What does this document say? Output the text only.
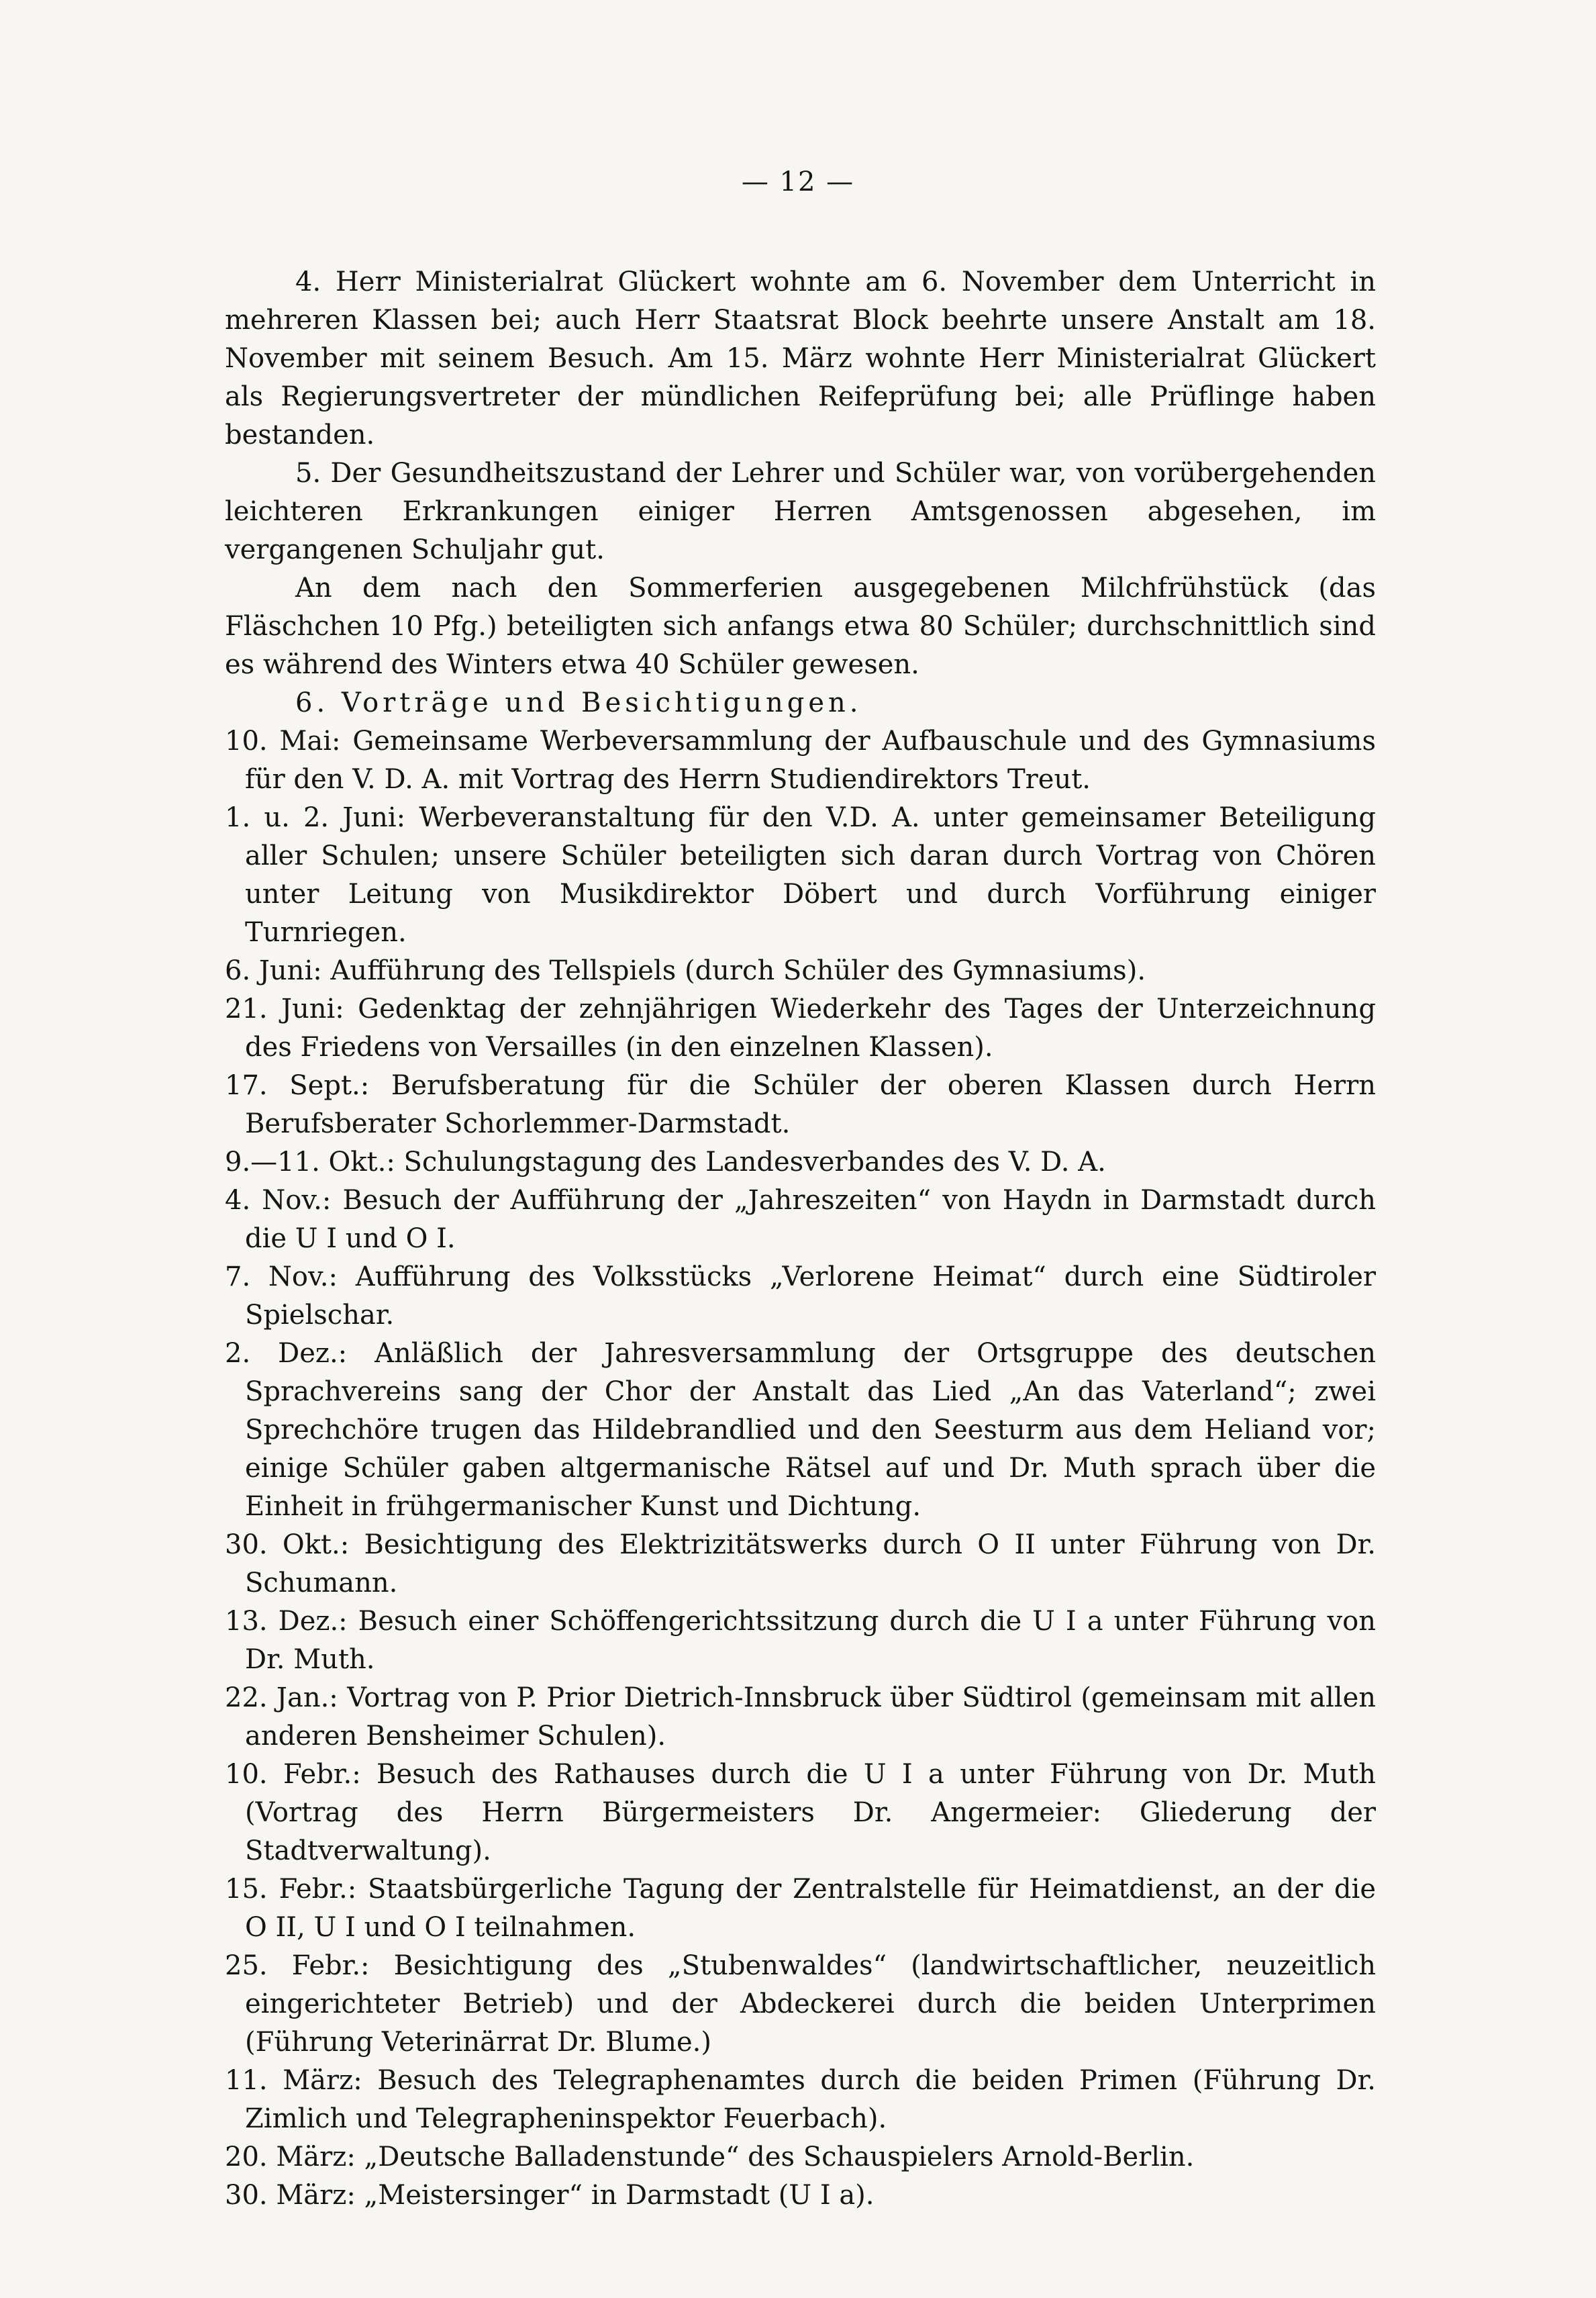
— 12 —

4. Herr Ministerialrat Glückert wohnte am 6. November dem Unterricht in mehreren Klassen bei; auch Herr Staatsrat Block beehrte unsere Anstalt am 18. November mit seinem Besuch. Am 15. März wohnte Herr Ministerialrat Glückert als Regierungsvertreter der mündlichen Reifeprüfung bei; alle Prüflinge haben bestanden.

5. Der Gesundheitszustand der Lehrer und Schüler war, von vorübergehenden leichteren Erkrankungen einiger Herren Amtsgenossen abgesehen, im vergangenen Schuljahr gut.

An dem nach den Sommerferien ausgegebenen Milchfrühstück (das Fläschchen 10 Pfg.) beteiligten sich anfangs etwa 80 Schüler; durchschnittlich sind es während des Winters etwa 40 Schüler gewesen.

6. Vorträge und Besichtigungen.

10. Mai: Gemeinsame Werbeversammlung der Aufbauschule und des Gymnasiums für den V. D. A. mit Vortrag des Herrn Studiendirektors Treut.

1. u. 2. Juni: Werbeveranstaltung für den V.D. A. unter gemeinsamer Beteiligung aller Schulen; unsere Schüler beteiligten sich daran durch Vortrag von Chören unter Leitung von Musikdirektor Döbert und durch Vorführung einiger Turnriegen.

6. Juni: Aufführung des Tellspiels (durch Schüler des Gymnasiums).

21. Juni: Gedenktag der zehnjährigen Wiederkehr des Tages der Unterzeichnung des Friedens von Versailles (in den einzelnen Klassen).

17. Sept.: Berufsberatung für die Schüler der oberen Klassen durch Herrn Berufsberater Schorlemmer-Darmstadt.

9.—11. Okt.: Schulungstagung des Landesverbandes des V. D. A.

4. Nov.: Besuch der Aufführung der „Jahreszeiten“ von Haydn in Darmstadt durch die U I und O I.

7. Nov.: Aufführung des Volksstücks „Verlorene Heimat“ durch eine Südtiroler Spielschar.

2. Dez.: Anläßlich der Jahresversammlung der Ortsgruppe des deutschen Sprachvereins sang der Chor der Anstalt das Lied „An das Vaterland“; zwei Sprechchöre trugen das Hildebrandlied und den Seesturm aus dem Heliand vor; einige Schüler gaben altgermanische Rätsel auf und Dr. Muth sprach über die Einheit in frühgermanischer Kunst und Dichtung.

30. Okt.: Besichtigung des Elektrizitätswerks durch O II unter Führung von Dr. Schumann.

13. Dez.: Besuch einer Schöffengerichtssitzung durch die U I a unter Führung von Dr. Muth.

22. Jan.: Vortrag von P. Prior Dietrich-Innsbruck über Südtirol (gemeinsam mit allen anderen Bensheimer Schulen).

10. Febr.: Besuch des Rathauses durch die U I a unter Führung von Dr. Muth (Vortrag des Herrn Bürgermeisters Dr. Angermeier: Gliederung der Stadtverwaltung).

15. Febr.: Staatsbürgerliche Tagung der Zentralstelle für Heimatdienst, an der die O II, U I und O I teilnahmen.

25. Febr.: Besichtigung des „Stubenwaldes“ (landwirtschaftlicher, neuzeitlich eingerichteter Betrieb) und der Abdeckerei durch die beiden Unterprimen (Führung Veterinärrat Dr. Blume.)

11. März: Besuch des Telegraphenamtes durch die beiden Primen (Führung Dr. Zimlich und Telegrapheninspektor Feuerbach).

20. März: „Deutsche Balladenstunde“ des Schauspielers Arnold-Berlin.

30. März: „Meistersinger“ in Darmstadt (U I a).
